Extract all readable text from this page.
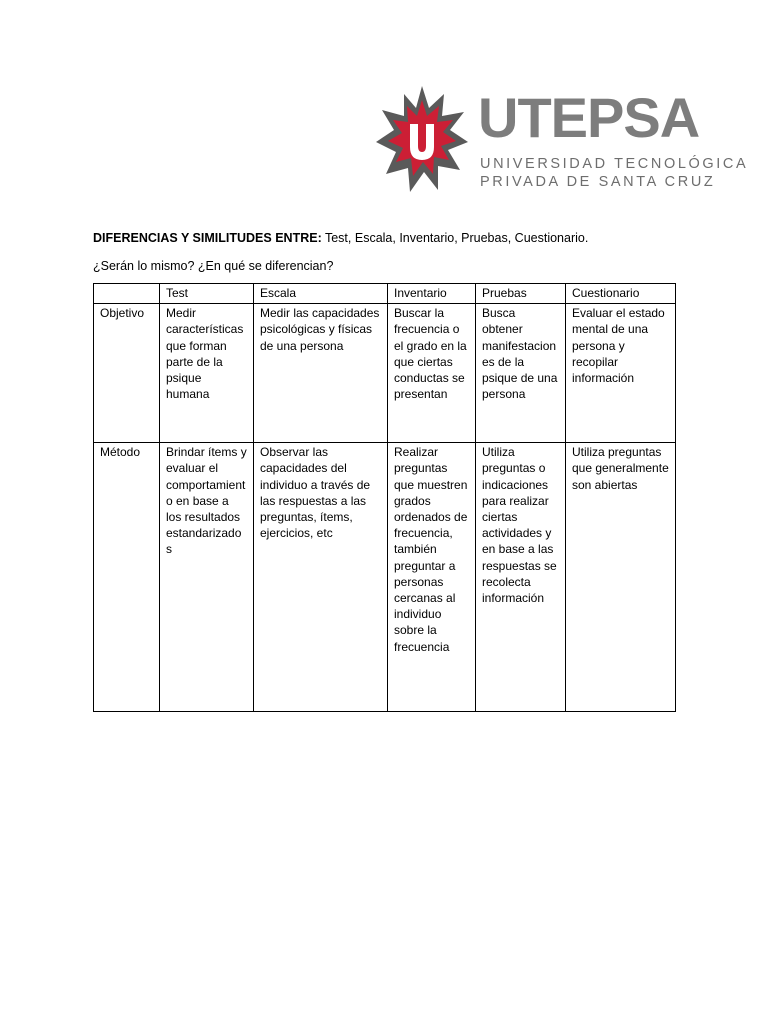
UTEPSA
UNIVERSIDAD TECNOLÓGICA
PRIVADA DE SANTA CRUZ
DIFERENCIAS Y SIMILITUDES ENTRE: Test, Escala, Inventario, Pruebas, Cuestionario.
¿Serán lo mismo? ¿En qué se diferencian?
	Test	Escala	Inventario	Pruebas	Cuestionario
Objetivo	Medir características que forman parte de la psique humana	Medir las capacidades psicológicas y físicas de una persona	Buscar la frecuencia o el grado en la que ciertas conductas se presentan	Busca obtener manifestaciones de la psique de una persona	Evaluar el estado mental de una persona y recopilar información
Método	Brindar ítems y evaluar el comportamiento en base a los resultados estandarizados	Observar las capacidades del individuo a través de las respuestas a las preguntas, ítems, ejercicios, etc	Realizar preguntas que muestren grados ordenados de frecuencia, también preguntar a personas cercanas al individuo sobre la frecuencia	Utiliza preguntas o indicaciones para realizar ciertas actividades y en base a las respuestas se recolecta información	Utiliza preguntas que generalmente son abiertas
